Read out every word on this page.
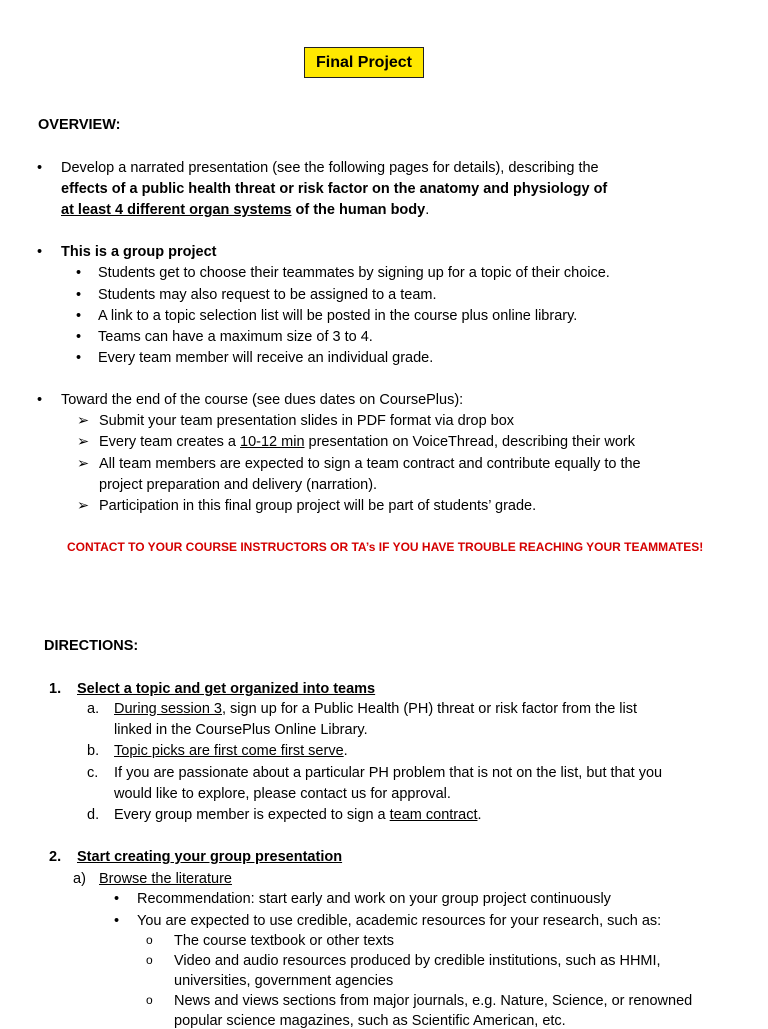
Final Project
OVERVIEW:
• Develop a narrated presentation (see the following pages for details), describing the
effects of a public health threat or risk factor on the anatomy and physiology of
at least 4 different organ systems of the human body.
• This is a group project
• Students get to choose their teammates by signing up for a topic of their choice.
• Students may also request to be assigned to a team.
• A link to a topic selection list will be posted in the course plus online library.
• Teams can have a maximum size of 3 to 4.
• Every team member will receive an individual grade.
• Toward the end of the course (see dues dates on CoursePlus):
➢ Submit your team presentation slides in PDF format via drop box
➢ Every team creates a 10-12 min presentation on VoiceThread, describing their work
➢ All team members are expected to sign a team contract and contribute equally to the
project preparation and delivery (narration).
➢ Participation in this final group project will be part of students’ grade.
CONTACT TO YOUR COURSE INSTRUCTORS OR TA’s IF YOU HAVE TROUBLE REACHING YOUR TEAMMATES!
DIRECTIONS:
1. Select a topic and get organized into teams
a. During session 3, sign up for a Public Health (PH) threat or risk factor from the list
linked in the CoursePlus Online Library.
b. Topic picks are first come first serve.
c. If you are passionate about a particular PH problem that is not on the list, but that you
would like to explore, please contact us for approval.
d. Every group member is expected to sign a team contract.
2. Start creating your group presentation
a) Browse the literature
• Recommendation: start early and work on your group project continuously
• You are expected to use credible, academic resources for your research, such as:
o The course textbook or other texts
o Video and audio resources produced by credible institutions, such as HHMI,
universities, government agencies
o News and views sections from major journals, e.g. Nature, Science, or renowned
popular science magazines, such as Scientific American, etc.
